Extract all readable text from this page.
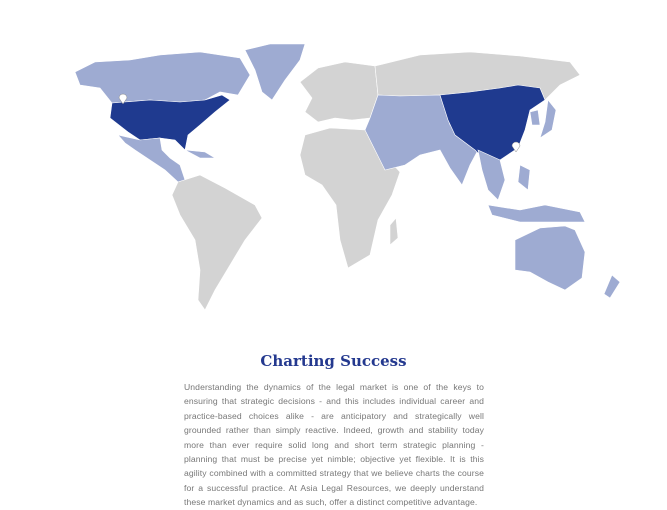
Charting Success
Understanding the dynamics of the legal market is one of the keys to ensuring that strategic decisions - and this includes individual career and practice-based choices alike - are anticipatory and strategically well grounded rather than simply reactive. Indeed, growth and stability today more than ever require solid long and short term strategic planning - planning that must be precise yet nimble; objective yet flexible. It is this agility combined with a committed strategy that we believe charts the course for a successful practice. At Asia Legal Resources, we deeply understand these market dynamics and as such, offer a distinct competitive advantage.
